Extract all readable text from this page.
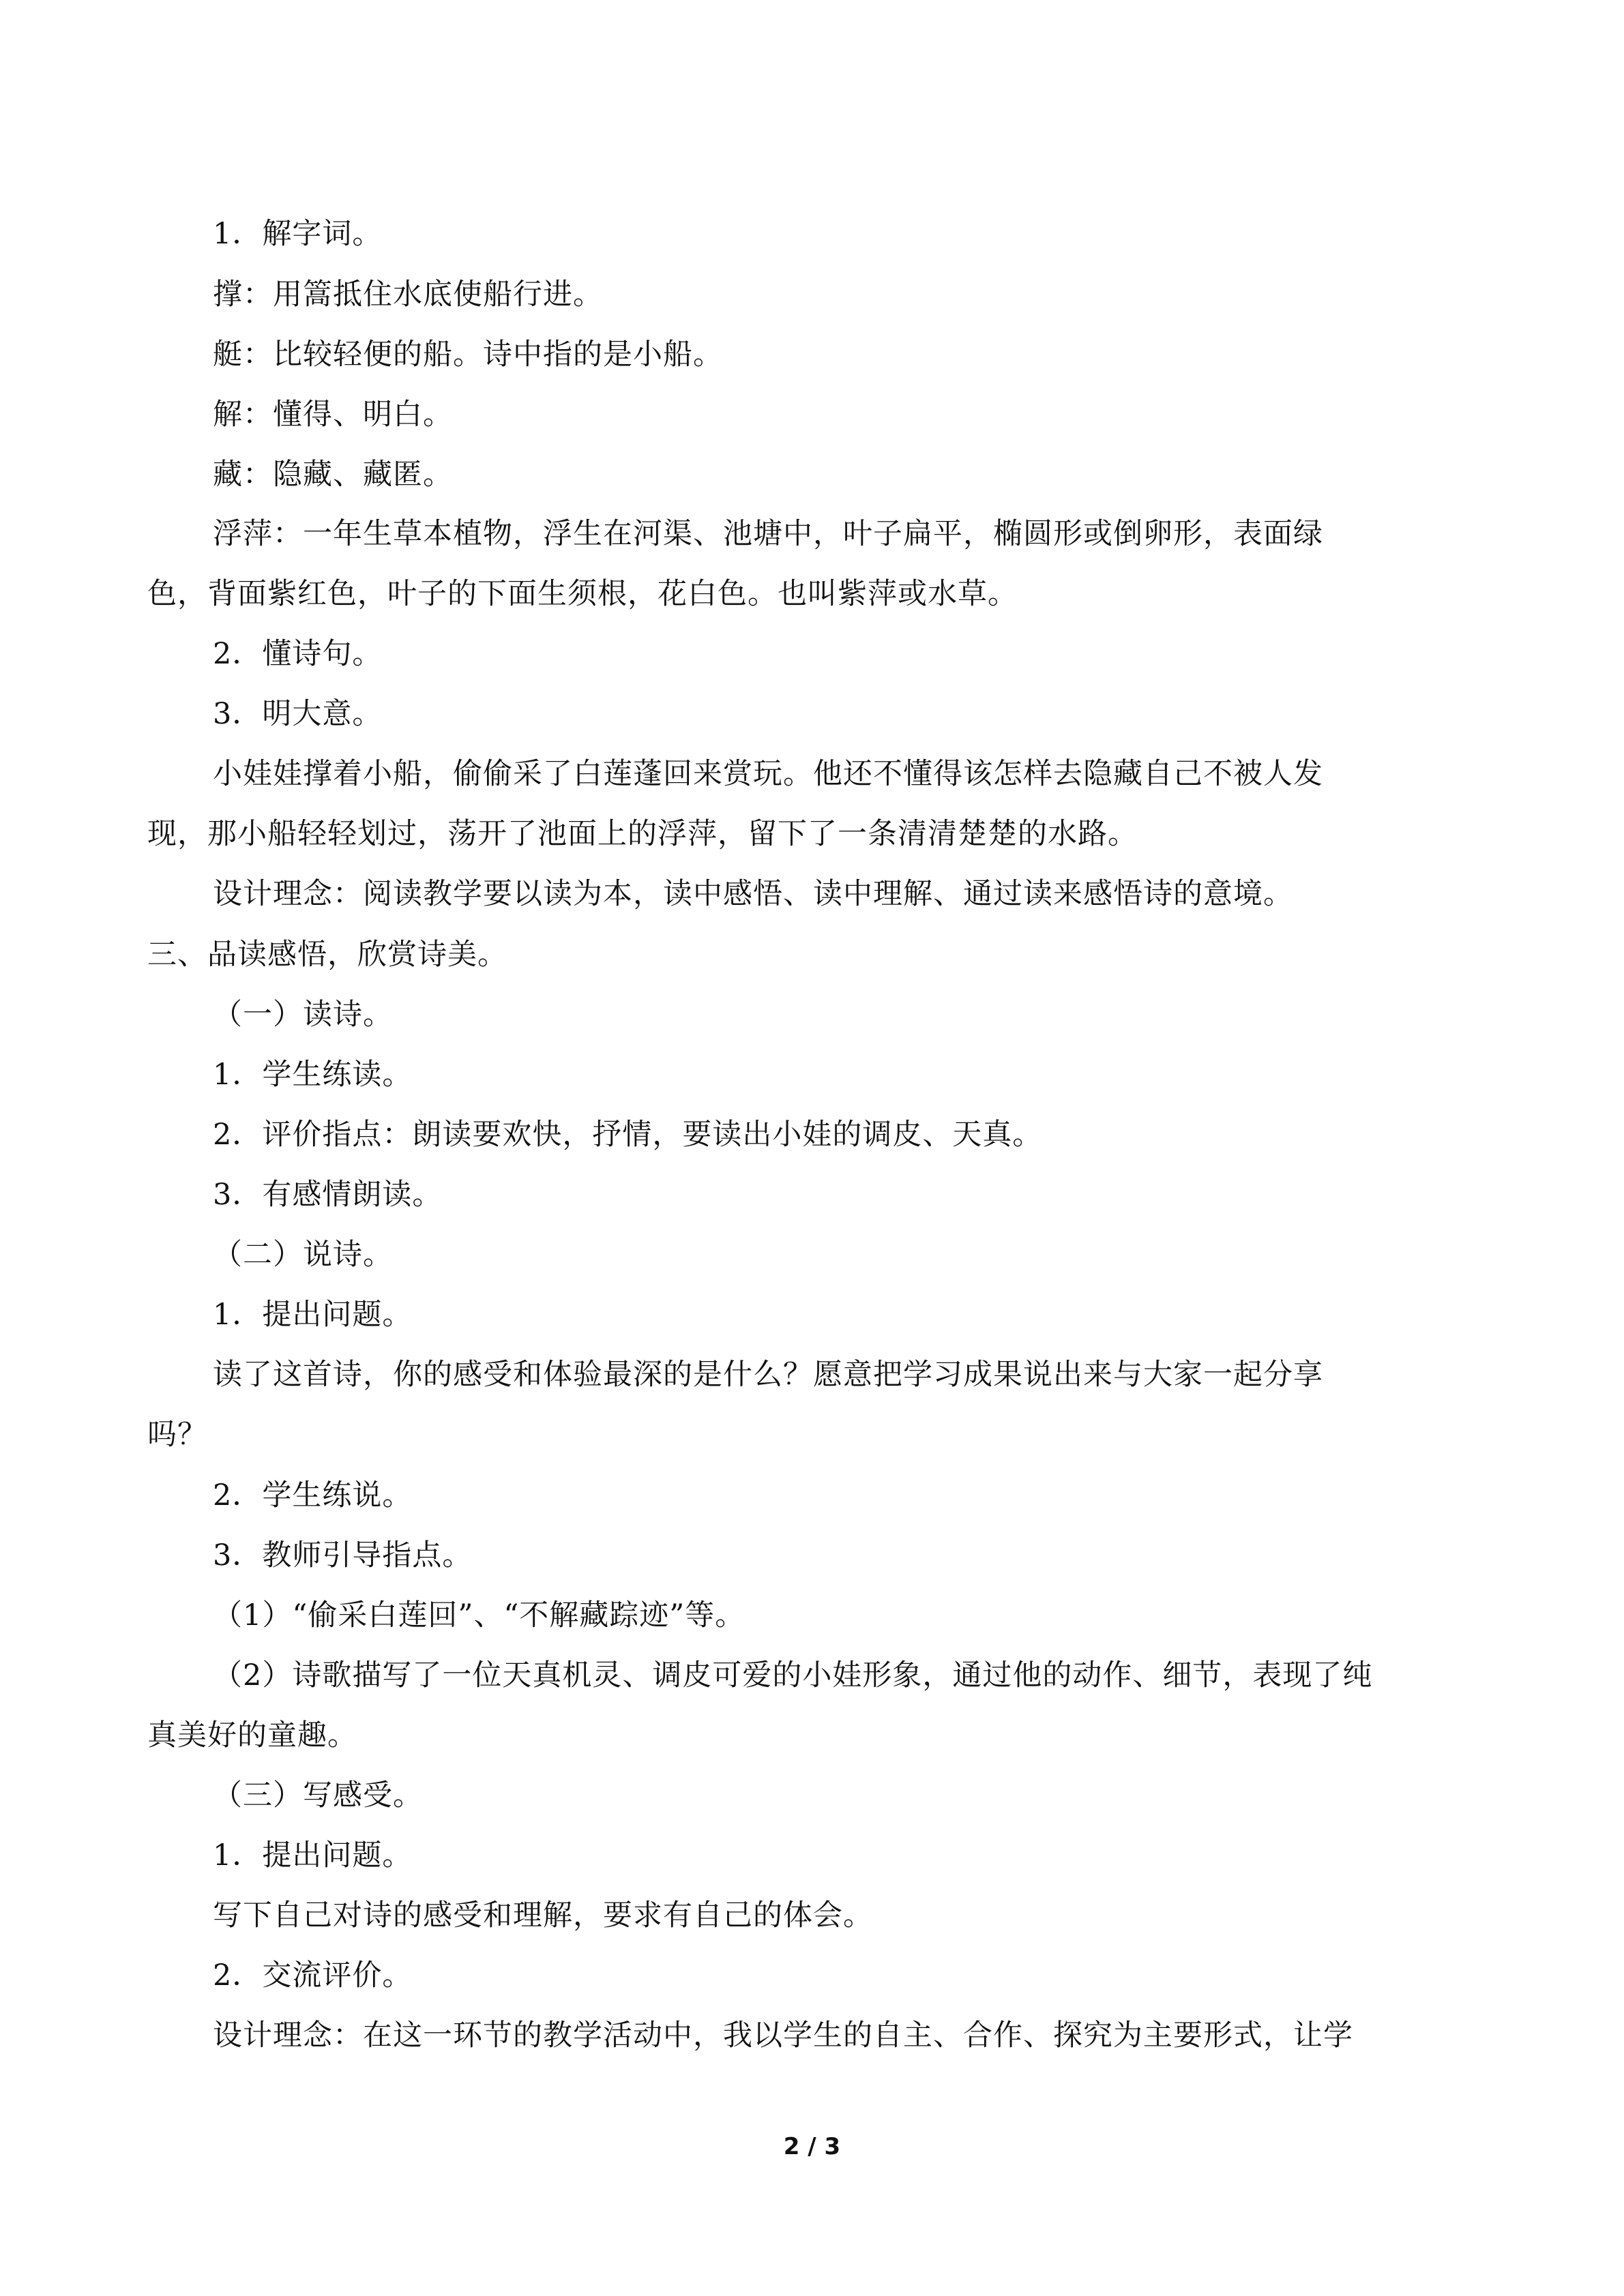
1．解字词。
撑：用篙抵住水底使船行进。
艇：比较轻便的船。诗中指的是小船。
解：懂得、明白。
藏：隐藏、藏匿。
浮萍：一年生草本植物，浮生在河渠、池塘中，叶子扁平，椭圆形或倒卵形，表面绿
色，背面紫红色，叶子的下面生须根，花白色。也叫紫萍或水草。
2．懂诗句。
3．明大意。
小娃娃撑着小船，偷偷采了白莲蓬回来赏玩。他还不懂得该怎样去隐藏自己不被人发
现，那小船轻轻划过，荡开了池面上的浮萍，留下了一条清清楚楚的水路。
设计理念：阅读教学要以读为本，读中感悟、读中理解、通过读来感悟诗的意境。
三、品读感悟，欣赏诗美。
（一）读诗。
1．学生练读。
2．评价指点：朗读要欢快，抒情，要读出小娃的调皮、天真。
3．有感情朗读。
（二）说诗。
1．提出问题。
读了这首诗，你的感受和体验最深的是什么？愿意把学习成果说出来与大家一起分享
吗？
2．学生练说。
3．教师引导指点。
（1）“偷采白莲回”、“不解藏踪迹”等。
（2）诗歌描写了一位天真机灵、调皮可爱的小娃形象，通过他的动作、细节，表现了纯
真美好的童趣。
（三）写感受。
1．提出问题。
写下自己对诗的感受和理解，要求有自己的体会。
2．交流评价。
设计理念：在这一环节的教学活动中，我以学生的自主、合作、探究为主要形式，让学
2 / 3
